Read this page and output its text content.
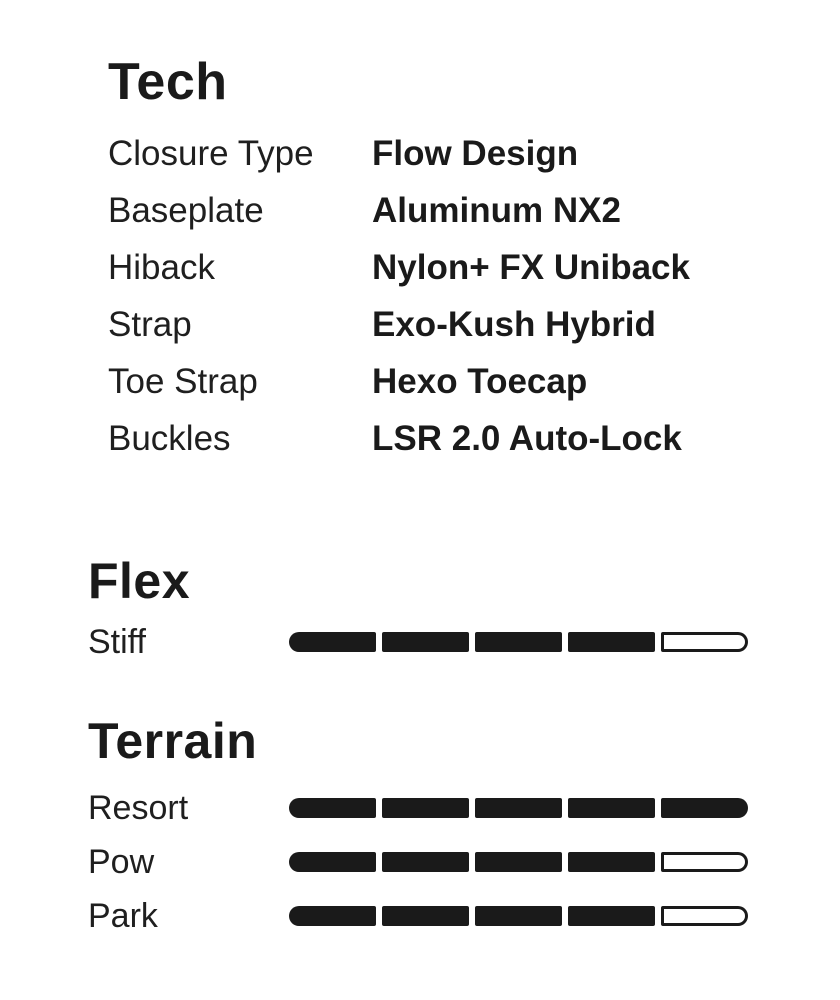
Tech
Closure Type	Flow Design
Baseplate	Aluminum NX2
Hiback	Nylon+ FX Uniback
Strap	Exo-Kush Hybrid
Toe Strap	Hexo Toecap
Buckles	LSR 2.0 Auto-Lock
Flex
Stiff
Terrain
Resort
Pow
Park
